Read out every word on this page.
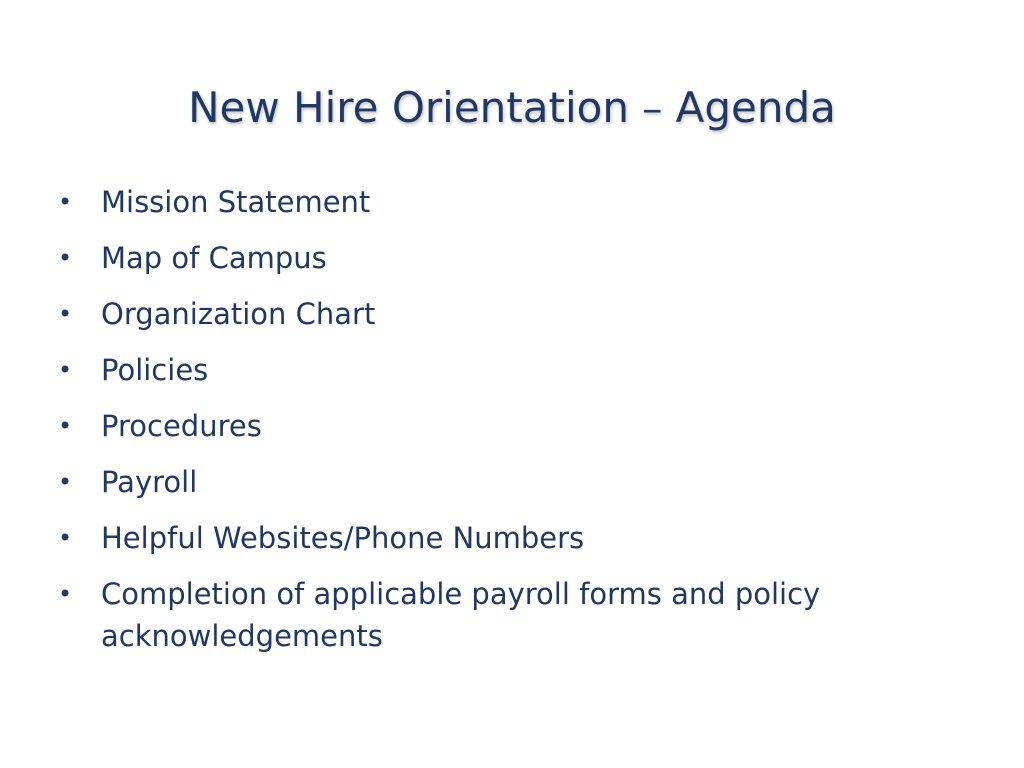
New Hire Orientation – Agenda
• Mission Statement
• Map of Campus
• Organization Chart
• Policies
• Procedures
• Payroll
• Helpful Websites/Phone Numbers
• Completion of applicable payroll forms and policy acknowledgements
